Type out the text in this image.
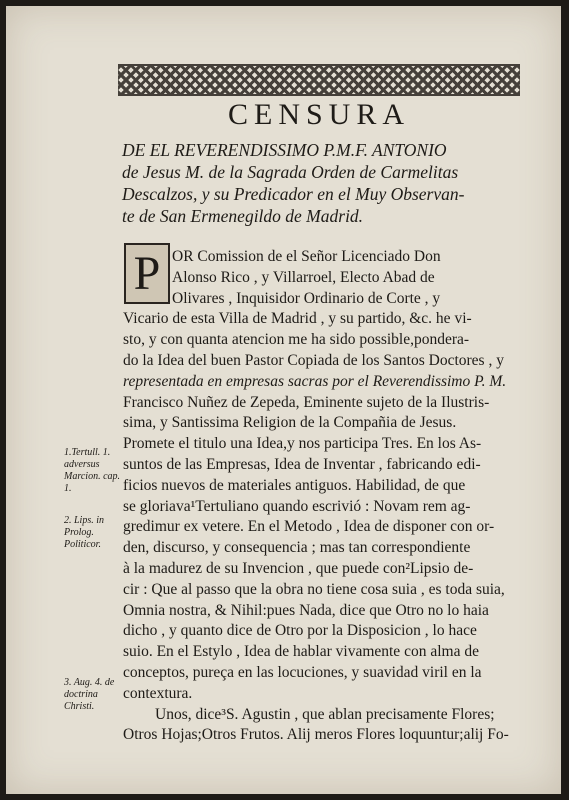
CENSURA
DE EL REVERENDISSIMO P.M.F. ANTONIO
de Jesus M. de la Sagrada Orden de Carmelitas
Descalzos, y su Predicador en el Muy Observan-
te de San Ermenegildo de Madrid.
P OR Comission de el Señor Licenciado Don
Alonso Rico , y Villarroel, Electo Abad de
Olivares , Inquisidor Ordinario de Corte , y
Vicario de esta Villa de Madrid , y su partido, &c. he vi-
sto, y con quanta atencion me ha sido possible,pondera-
do la Idea del buen Pastor Copiada de los Santos Doctores , y
representada en empresas sacras por el Reverendissimo P. M.
Francisco Nuñez de Zepeda, Eminente sujeto de la Ilustris-
sima, y Santissima Religion de la Compañia de Jesus.
Promete el titulo una Idea,y nos participa Tres. En los As-
suntos de las Empresas, Idea de Inventar , fabricando edi-
ficios nuevos de materiales antiguos. Habilidad, de que
se gloriava¹Tertuliano quando escrivió : Novam rem ag-
gredimur ex vetere. En el Metodo , Idea de disponer con or-
den, discurso, y consequencia ; mas tan correspondiente
à la madurez de su Invencion , que puede con²Lipsio de-
cir : Que al passo que la obra no tiene cosa suia , es toda suia,
Omnia nostra, & Nihil:pues Nada, dice que Otro no lo haia
dicho , y quanto dice de Otro por la Disposicion , lo hace
suio. En el Estylo , Idea de hablar vivamente con alma de
conceptos, pureça en las locuciones, y suavidad viril en la
contextura.
Unos, dice³S. Agustin , que ablan precisamente Flores;
Otros Hojas;Otros Frutos. Alij meros Flores loquuntur;alij Fo-
1.Tertull. 1. adversus Marcion. cap. 1.
2. Lips. in Prolog. Politicor.
3. Aug. 4. de doctrina Christi.
